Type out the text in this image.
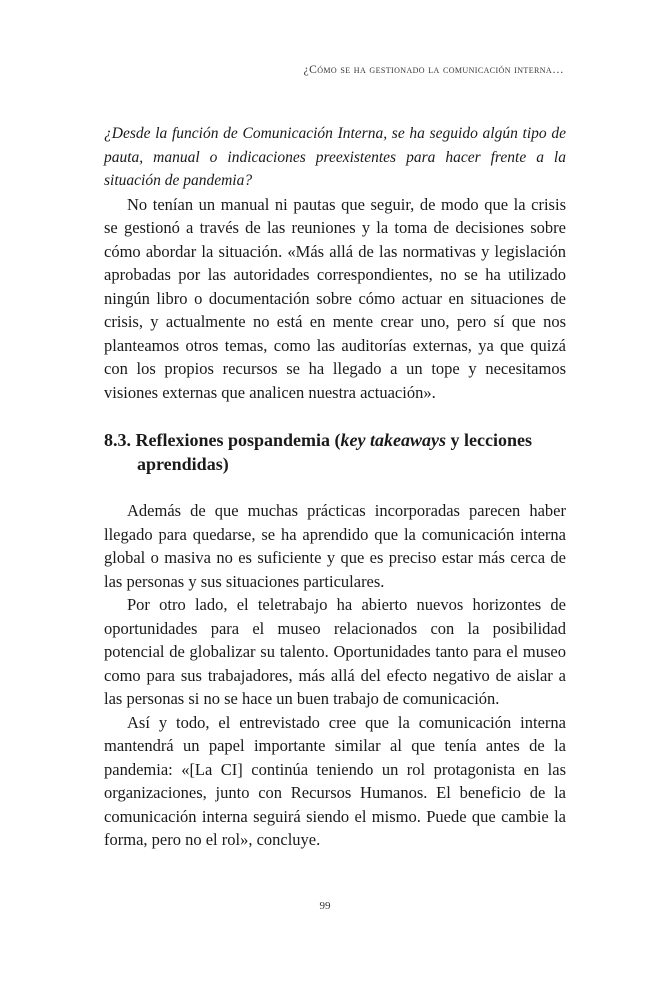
¿Cómo se ha gestionado la comunicación interna…

¿Desde la función de Comunicación Interna, se ha seguido algún tipo de pauta, manual o indicaciones preexistentes para hacer frente a la situación de pandemia?

No tenían un manual ni pautas que seguir, de modo que la crisis se gestionó a través de las reuniones y la toma de decisiones sobre cómo abordar la situación. «Más allá de las normativas y legislación aprobadas por las autoridades correspondientes, no se ha utilizado ningún libro o documentación sobre cómo actuar en situaciones de crisis, y actualmente no está en mente crear uno, pero sí que nos planteamos otros temas, como las auditorías externas, ya que quizá con los propios recursos se ha llegado a un tope y necesitamos visiones externas que analicen nuestra actuación».

8.3. Reflexiones pospandemia (key takeaways y lecciones aprendidas)

Además de que muchas prácticas incorporadas parecen haber llegado para quedarse, se ha aprendido que la comunicación interna global o masiva no es suficiente y que es preciso estar más cerca de las personas y sus situaciones particulares.

Por otro lado, el teletrabajo ha abierto nuevos horizontes de oportunidades para el museo relacionados con la posibilidad potencial de globalizar su talento. Oportunidades tanto para el museo como para sus trabajadores, más allá del efecto negativo de aislar a las personas si no se hace un buen trabajo de comunicación.

Así y todo, el entrevistado cree que la comunicación interna mantendrá un papel importante similar al que tenía antes de la pandemia: «[La CI] continúa teniendo un rol protagonista en las organizaciones, junto con Recursos Humanos. El beneficio de la comunicación interna seguirá siendo el mismo. Puede que cambie la forma, pero no el rol», concluye.

99
